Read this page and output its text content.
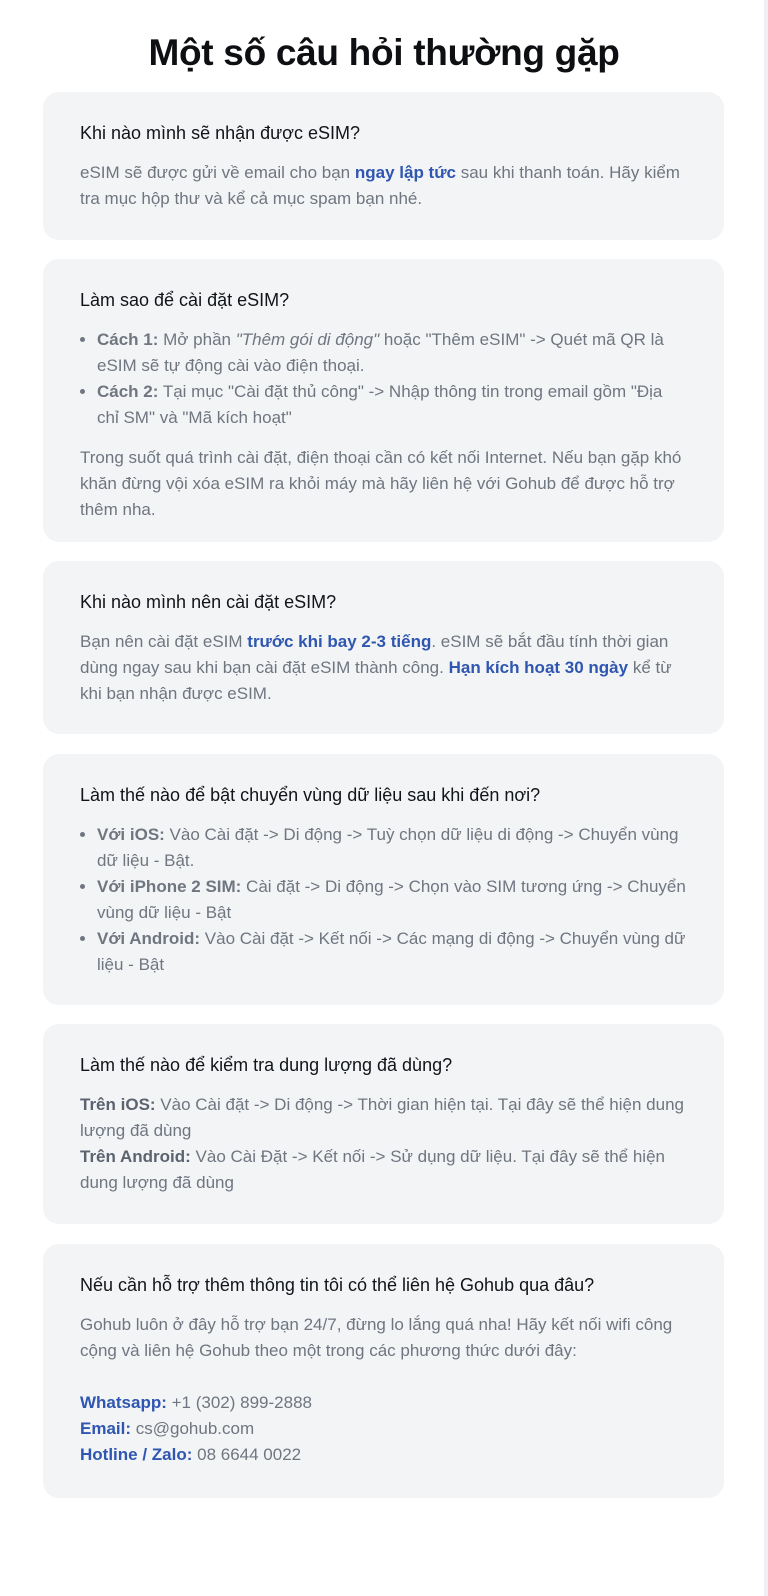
Một số câu hỏi thường gặp
Khi nào mình sẽ nhận được eSIM?

eSIM sẽ được gửi về email cho bạn ngay lập tức sau khi thanh toán. Hãy kiểm tra mục hộp thư và kể cả mục spam bạn nhé.

Làm sao để cài đặt eSIM?
• Cách 1: Mở phần "Thêm gói di động" hoặc "Thêm eSIM" -> Quét mã QR là eSIM sẽ tự động cài vào điện thoại.
• Cách 2: Tại mục "Cài đặt thủ công" -> Nhập thông tin trong email gồm "Địa chỉ SM" và "Mã kích hoạt"

Trong suốt quá trình cài đặt, điện thoại cần có kết nối Internet. Nếu bạn gặp khó khăn đừng vội xóa eSIM ra khỏi máy mà hãy liên hệ với Gohub để được hỗ trợ thêm nha.

Khi nào mình nên cài đặt eSIM?

Bạn nên cài đặt eSIM trước khi bay 2-3 tiếng. eSIM sẽ bắt đầu tính thời gian dùng ngay sau khi bạn cài đặt eSIM thành công. Hạn kích hoạt 30 ngày kể từ khi bạn nhận được eSIM.

Làm thế nào để bật chuyển vùng dữ liệu sau khi đến nơi?
• Với iOS: Vào Cài đặt -> Di động -> Tuỳ chọn dữ liệu di động -> Chuyển vùng dữ liệu - Bật.
• Với iPhone 2 SIM: Cài đặt -> Di động -> Chọn vào SIM tương ứng -> Chuyển vùng dữ liệu - Bật
• Với Android: Vào Cài đặt -> Kết nối -> Các mạng di động -> Chuyển vùng dữ liệu - Bật
Làm thế nào để kiểm tra dung lượng đã dùng?

Trên iOS: Vào Cài đặt -> Di động -> Thời gian hiện tại. Tại đây sẽ thể hiện dung lượng đã dùng

Trên Android: Vào Cài Đặt -> Kết nối -> Sử dụng dữ liệu. Tại đây sẽ thể hiện dung lượng đã dùng

Nếu cần hỗ trợ thêm thông tin tôi có thể liên hệ Gohub qua đâu?

Gohub luôn ở đây hỗ trợ bạn 24/7, đừng lo lắng quá nha! Hãy kết nối wifi công cộng và liên hệ Gohub theo một trong các phương thức dưới đây:

Whatsapp: +1 (302) 899-2888

Email: cs@gohub.com

Hotline / Zalo: 08 6644 0022
